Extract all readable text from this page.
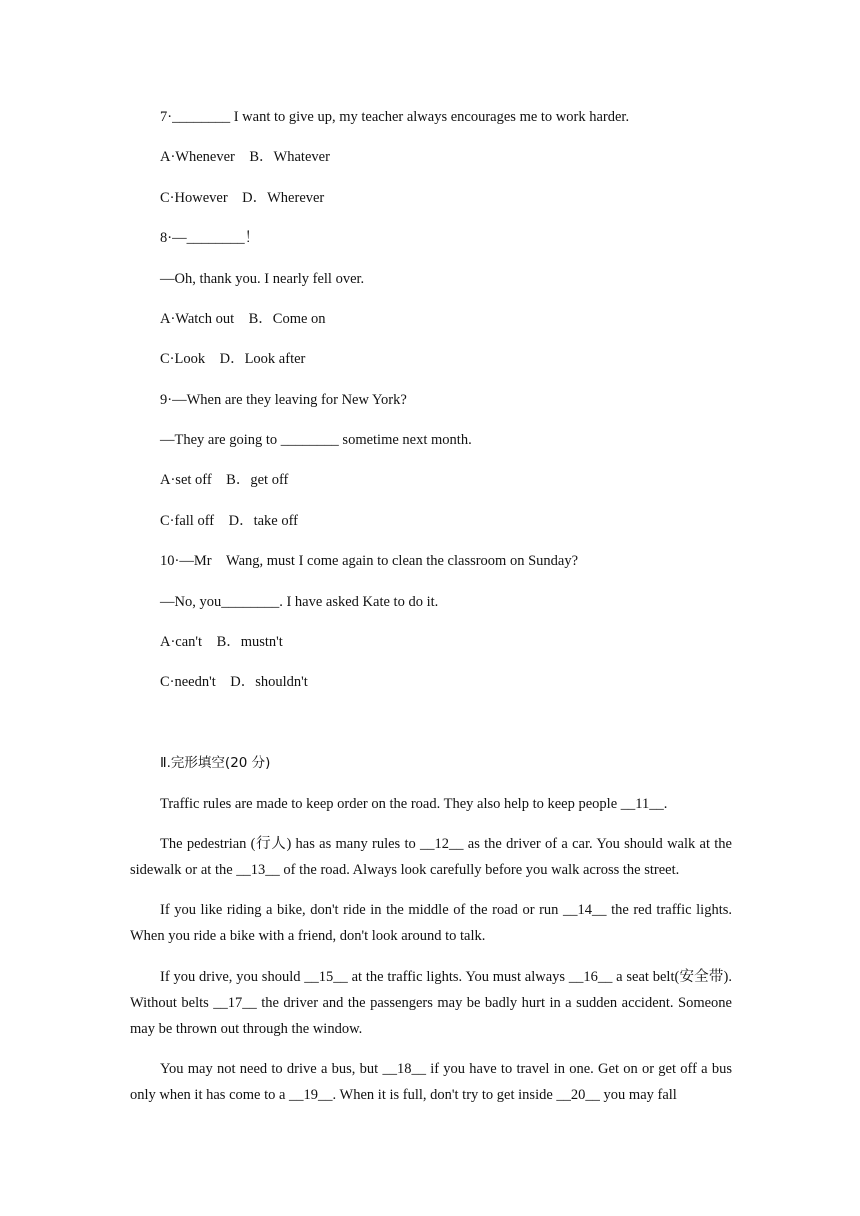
7·________ I want to give up, my teacher always encourages me to work harder.
A·Whenever　B．Whatever
C·However　D．Wherever
8·—________！
—Oh, thank you. I nearly fell over.
A·Watch out　B．Come on
C·Look　D．Look after
9·—When are they leaving for New York?
—They are going to ________ sometime next month.
A·set off　B．get off
C·fall off　D．take off
10·—Mr　Wang, must I come again to clean the classroom on Sunday?
—No, you________. I have asked Kate to do it.
A·can't　B．mustn't
C·needn't　D．shouldn't
Ⅱ.完形填空(20 分)
Traffic rules are made to keep order on the road. They also help to keep people __11__.
The pedestrian (行人) has as many rules to __12__ as the driver of a car. You should walk at the sidewalk or at the __13__ of the road. Always look carefully before you walk across the street.
If you like riding a bike, don't ride in the middle of the road or run __14__ the red traffic lights. When you ride a bike with a friend, don't look around to talk.
If you drive, you should __15__ at the traffic lights. You must always __16__ a seat belt(安全带). Without belts __17__ the driver and the passengers may be badly hurt in a sudden accident. Someone may be thrown out through the window.
You may not need to drive a bus, but __18__ if you have to travel in one. Get on or get off a bus only when it has come to a __19__. When it is full, don't try to get inside __20__ you may fall
